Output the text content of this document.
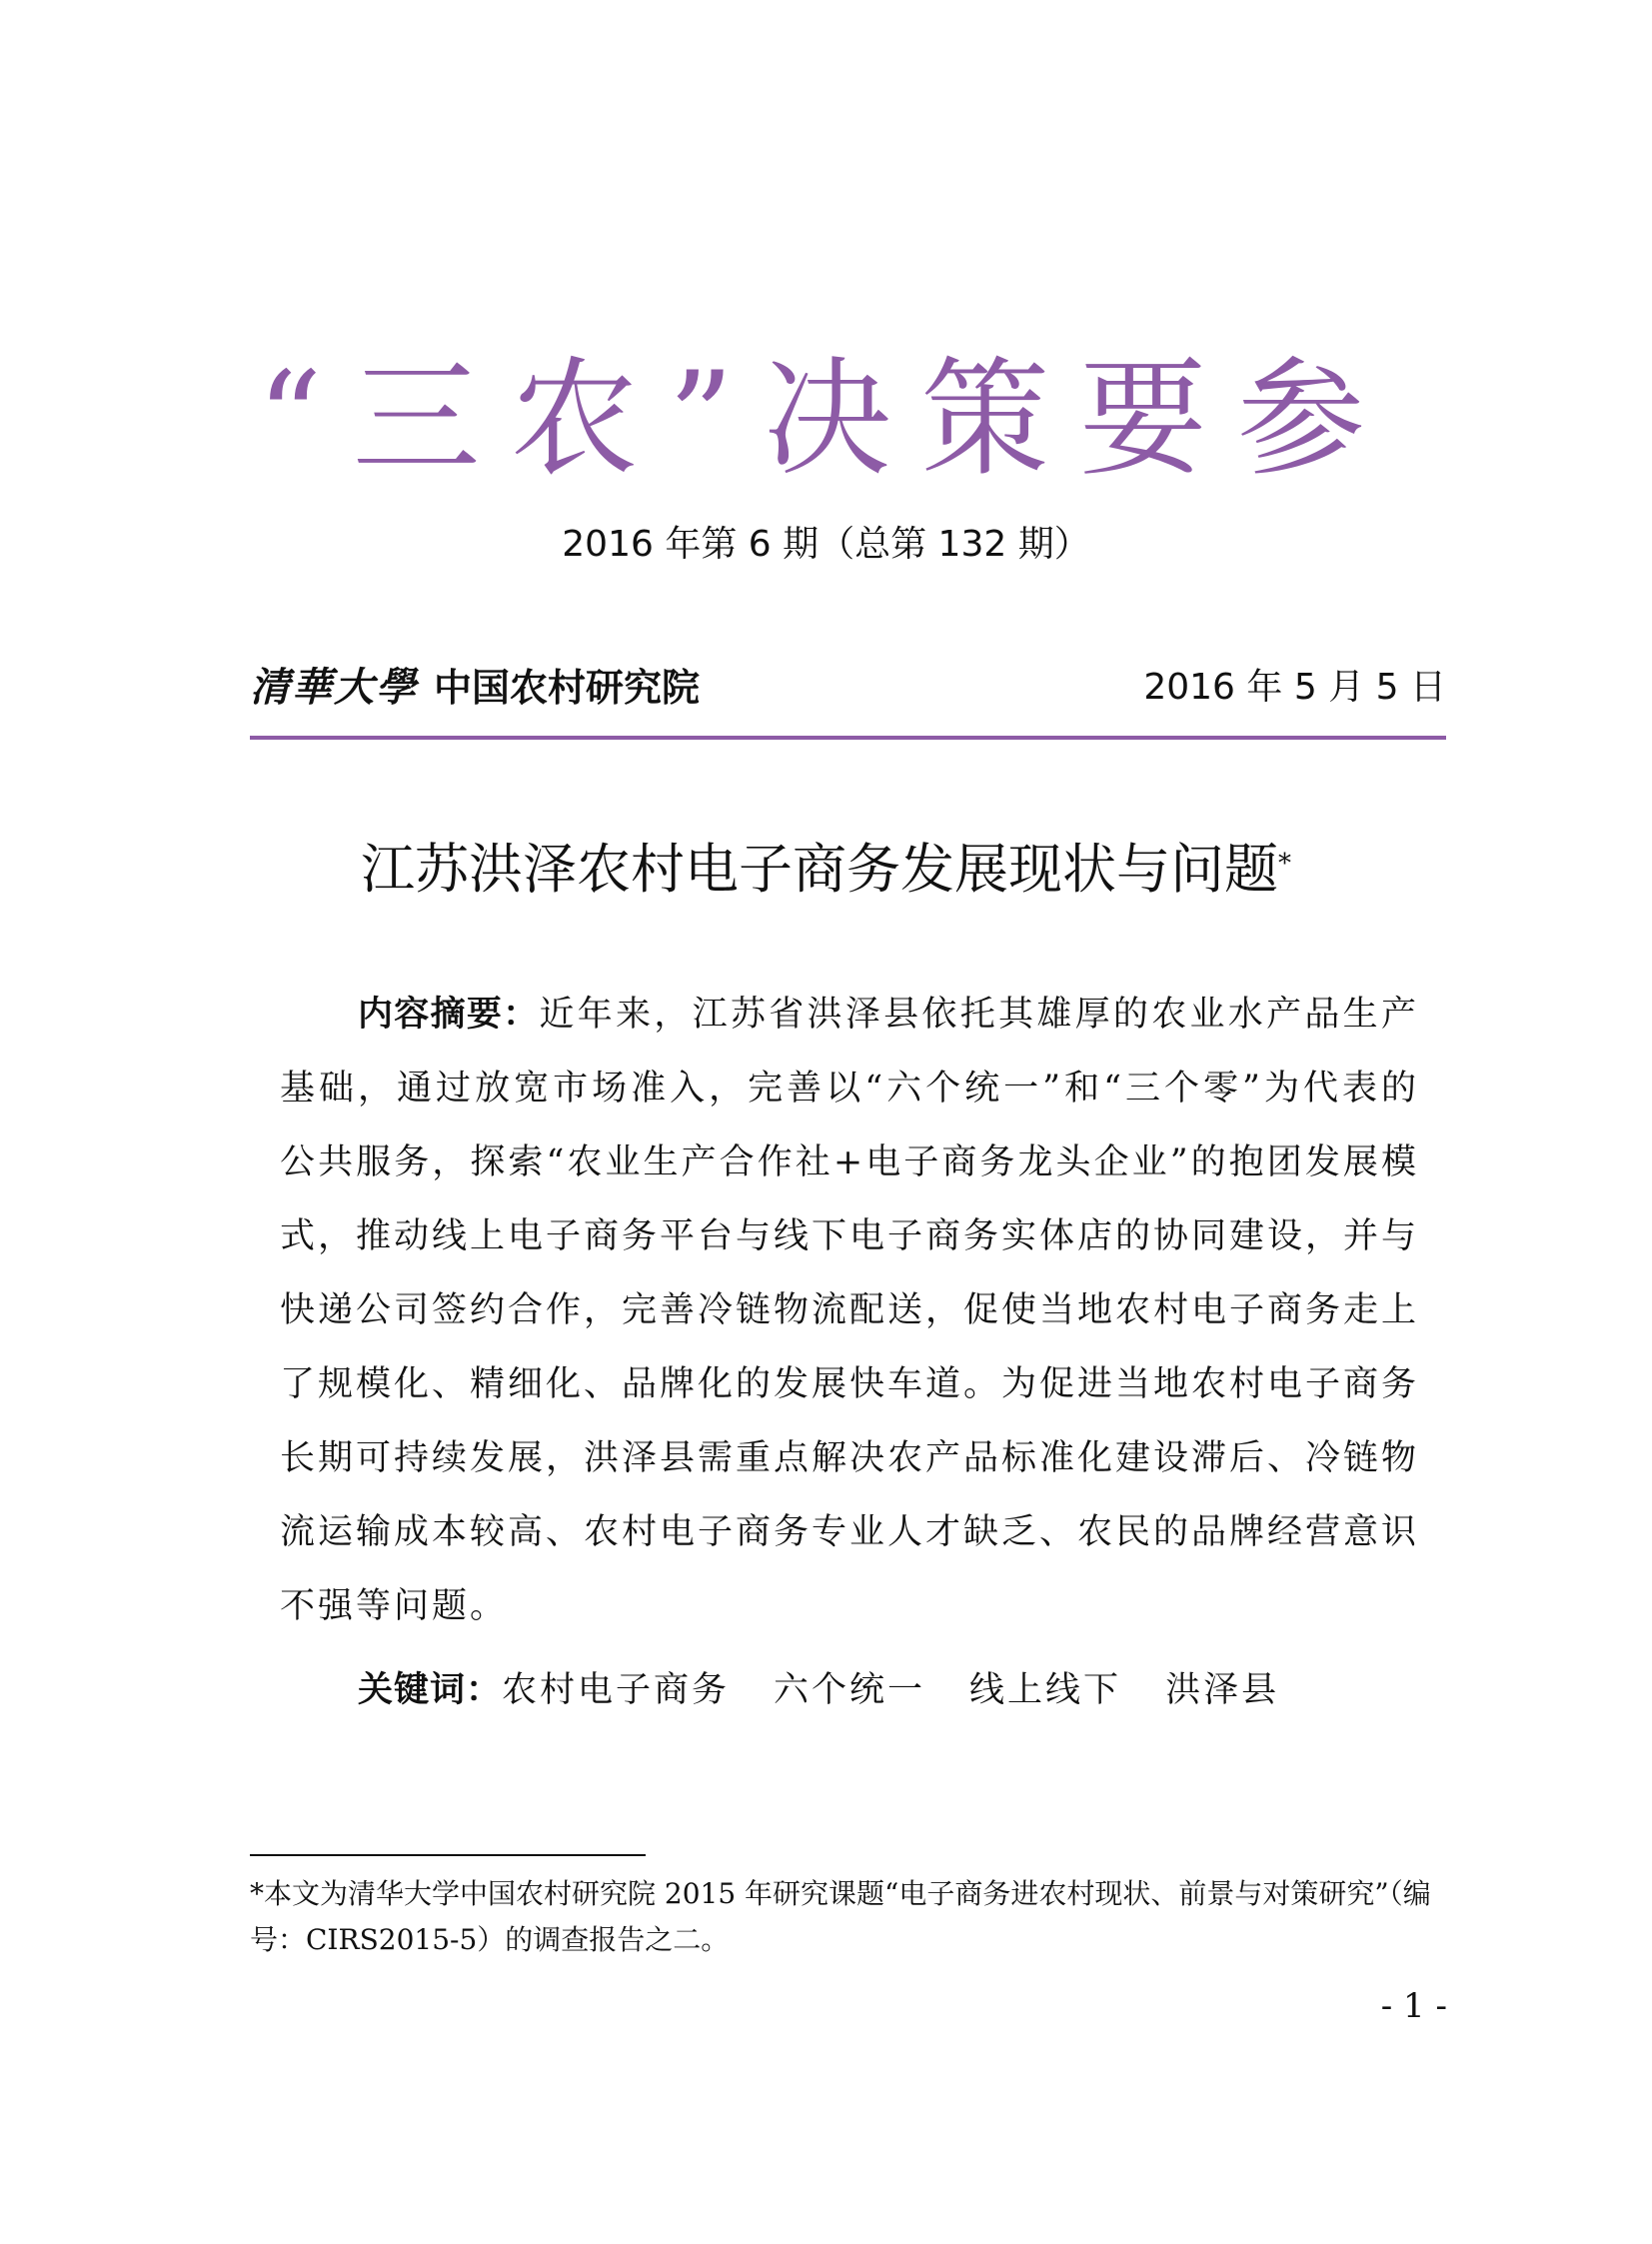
“三农”决策要参
2016 年第 6 期（总第 132 期）
清華大學 中国农村研究院	2016 年 5 月 5 日
江苏洪泽农村电子商务发展现状与问题*

内容摘要：近年来，江苏省洪泽县依托其雄厚的农业水产品生产基础，通过放宽市场准入，完善以“六个统一”和“三个零”为代表的公共服务，探索“农业生产合作社+电子商务龙头企业”的抱团发展模式，推动线上电子商务平台与线下电子商务实体店的协同建设，并与快递公司签约合作，完善冷链物流配送，促使当地农村电子商务走上了规模化、精细化、品牌化的发展快车道。为促进当地农村电子商务长期可持续发展，洪泽县需重点解决农产品标准化建设滞后、冷链物流运输成本较高、农村电子商务专业人才缺乏、农民的品牌经营意识不强等问题。

关键词：农村电子商务 六个统一 线上线下 洪泽县

*本文为清华大学中国农村研究院 2015 年研究课题“电子商务进农村现状、前景与对策研究”（编号：CIRS2015-5）的调查报告之二。

- 1 -
